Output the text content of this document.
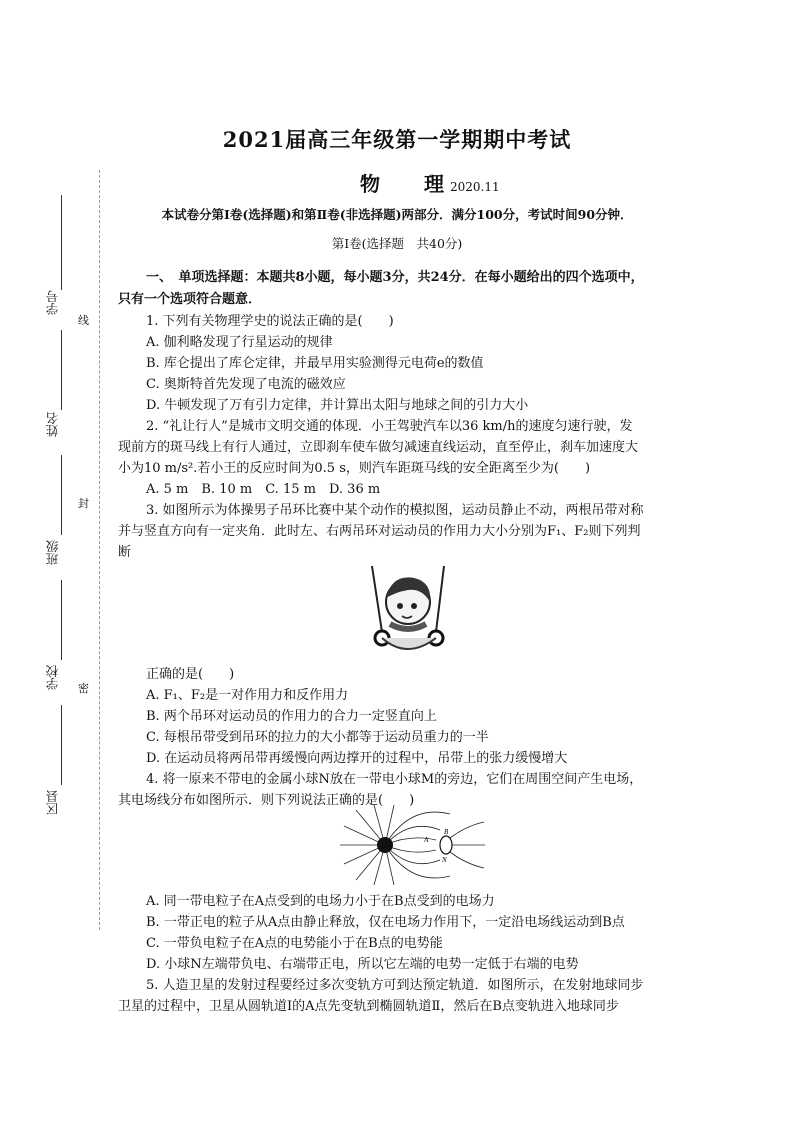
2021届高三年级第一学期期中考试
物 理 2020.11
本试卷分第Ⅰ卷(选择题)和第Ⅱ卷(非选择题)两部分．满分100分，考试时间90分钟．
第Ⅰ卷(选择题　共40分)
学号
姓名
班级
学校
区县
线
封
密
一、　单项选择题：本题共8小题，每小题3分，共24分．在每小题给出的四个选项中，
只有一个选项符合题意．
1. 下列有关物理学史的说法正确的是(　　)
A. 伽利略发现了行星运动的规律
B. 库仑提出了库仑定律，并最早用实验测得元电荷e的数值
C. 奥斯特首先发现了电流的磁效应
D. 牛顿发现了万有引力定律，并计算出太阳与地球之间的引力大小
2. “礼让行人”是城市文明交通的体现．小王驾驶汽车以36 km/h的速度匀速行驶，发
现前方的斑马线上有行人通过，立即刹车使车做匀减速直线运动，直至停止，刹车加速度大
小为10 m/s².若小王的反应时间为0.5 s，则汽车距斑马线的安全距离至少为(　　)
A. 5 m　B. 10 m　C. 15 m　D. 36 m
3. 如图所示为体操男子吊环比赛中某个动作的模拟图，运动员静止不动，两根吊带对称
并与竖直方向有一定夹角．此时左、右两吊环对运动员的作用力大小分别为F₁、F₂则下列判
断
正确的是(　　)
A. F₁、F₂是一对作用力和反作用力
B. 两个吊环对运动员的作用力的合力一定竖直向上
C. 每根吊带受到吊环的拉力的大小都等于运动员重力的一半
D. 在运动员将两吊带再缓慢向两边撑开的过程中，吊带上的张力缓慢增大
4. 将一原来不带电的金属小球N放在一带电小球M的旁边，它们在周围空间产生电场，
其电场线分布如图所示．则下列说法正确的是(　　)
A
B
N
A. 同一带电粒子在A点受到的电场力小于在B点受到的电场力
B. 一带正电的粒子从A点由静止释放，仅在电场力作用下，一定沿电场线运动到B点
C. 一带负电粒子在A点的电势能小于在B点的电势能
D. 小球N左端带负电、右端带正电，所以它左端的电势一定低于右端的电势
5. 人造卫星的发射过程要经过多次变轨方可到达预定轨道．如图所示，在发射地球同步
卫星的过程中，卫星从圆轨道Ⅰ的A点先变轨到椭圆轨道Ⅱ，然后在B点变轨进入地球同步
